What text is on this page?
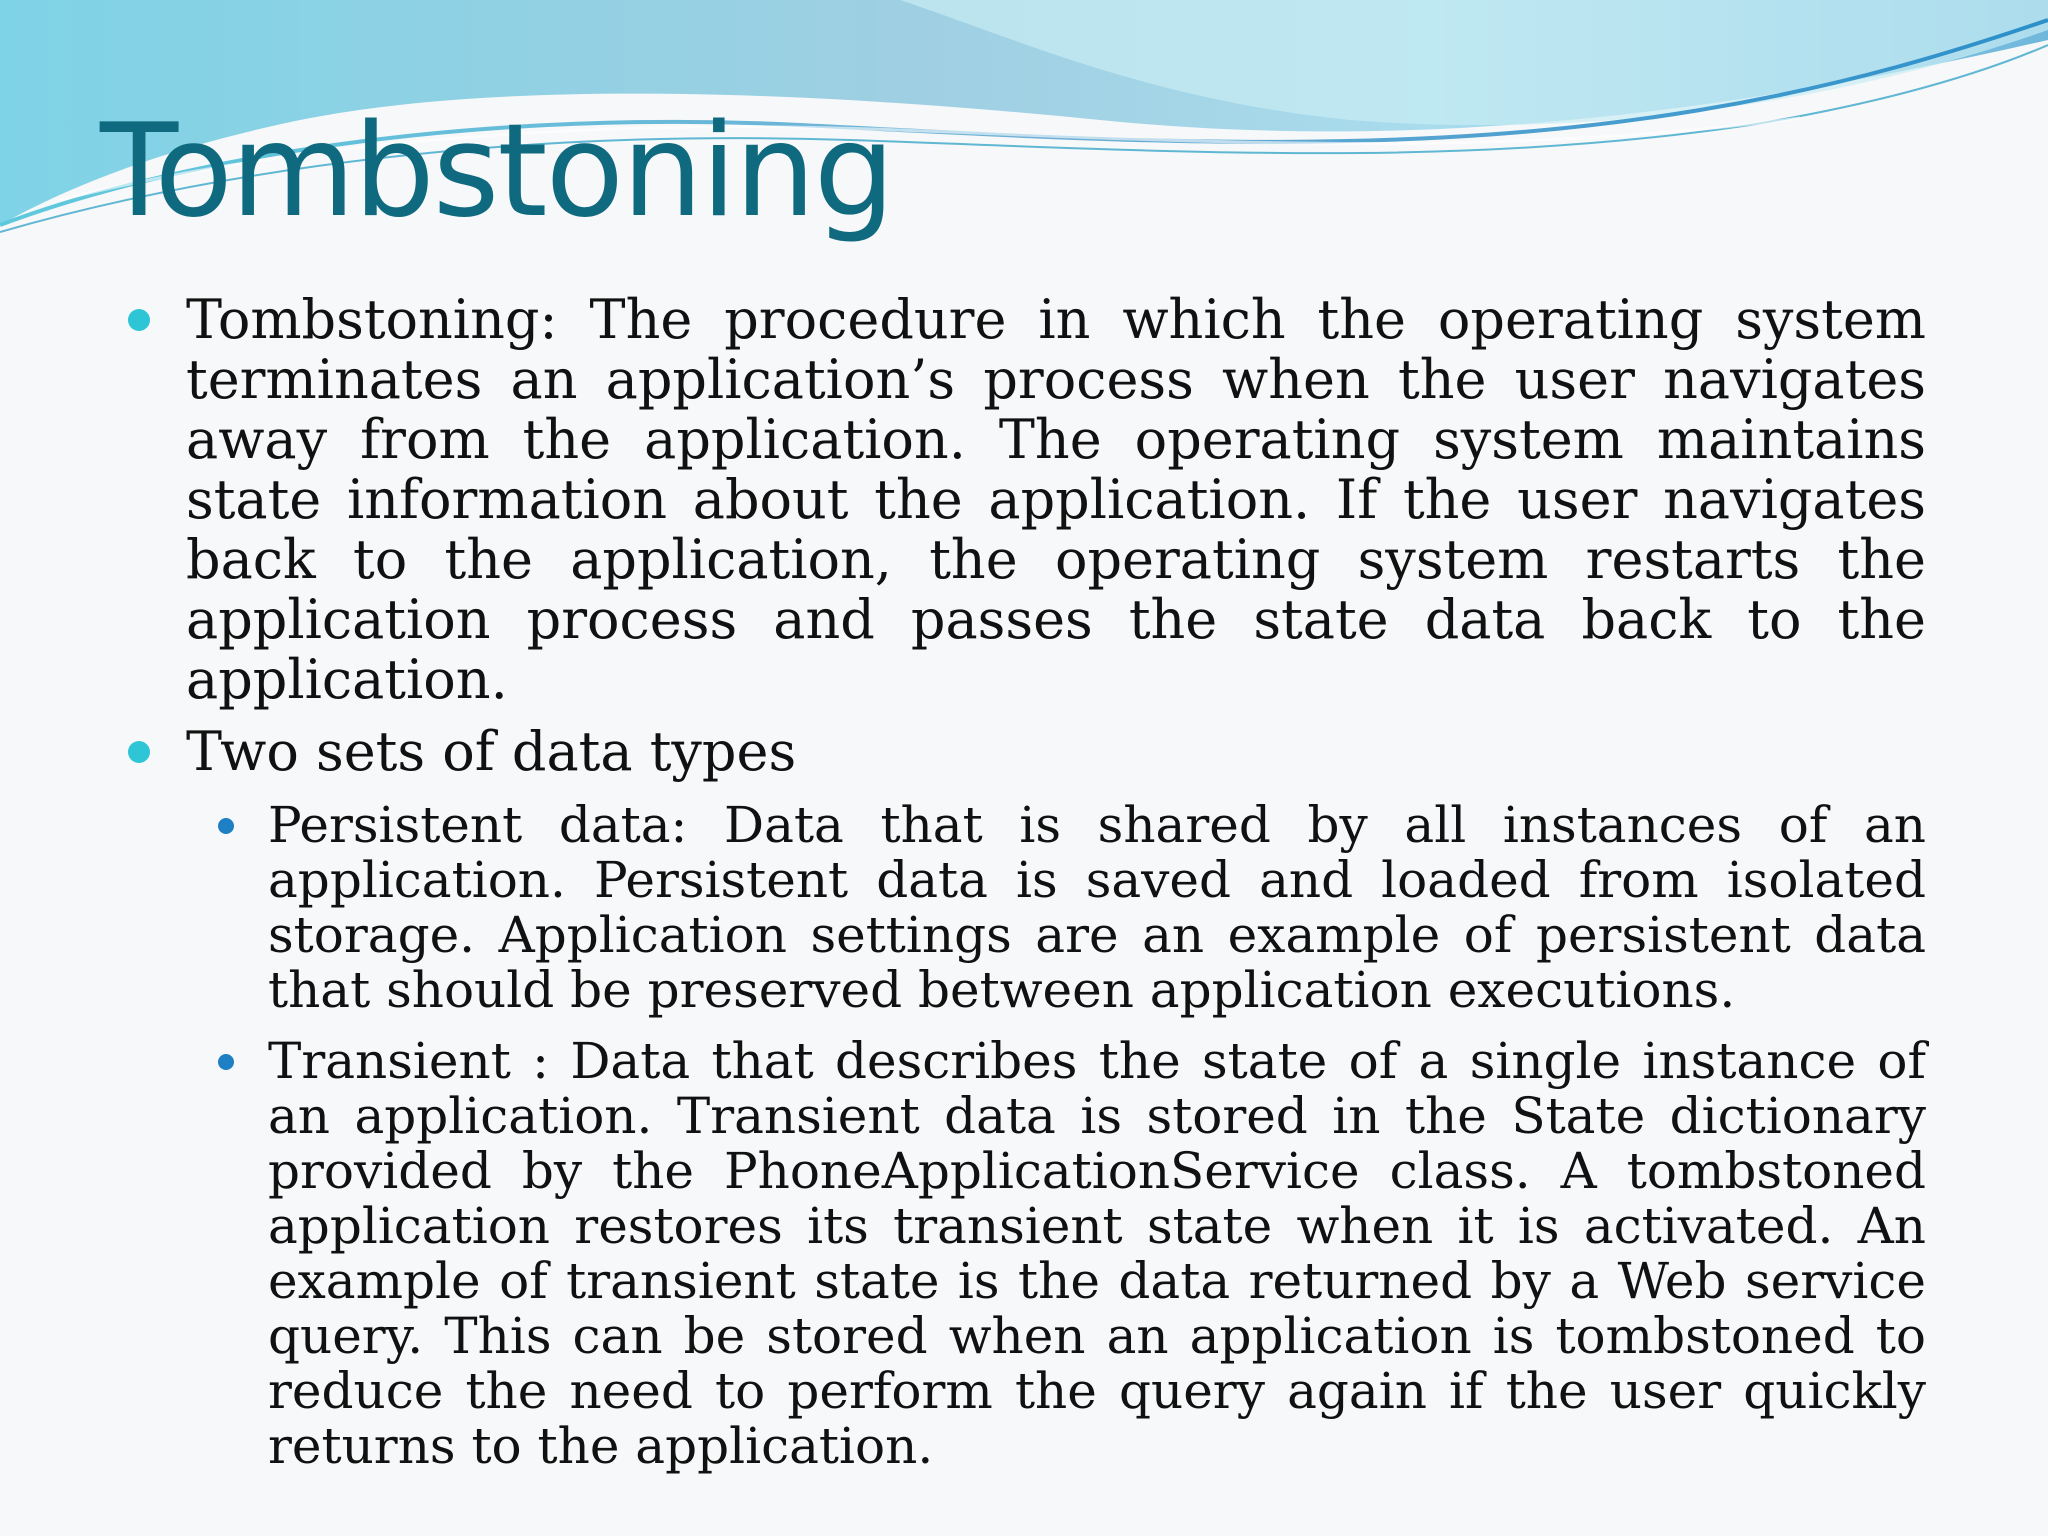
Tombstoning
Tombstoning: The procedure in which the operating system terminates an application’s process when the user navigates away from the application. The operating system maintains state information about the application. If the user navigates back to the application, the operating system restarts the application process and passes the state data back to the application.
Two sets of data types
Persistent data: Data that is shared by all instances of an application. Persistent data is saved and loaded from isolated storage. Application settings are an example of persistent data that should be preserved between application executions.
Transient : Data that describes the state of a single instance of an application. Transient data is stored in the State dictionary provided by the PhoneApplicationService class. A tombstoned application restores its transient state when it is activated. An example of transient state is the data returned by a Web service query. This can be stored when an application is tombstoned to reduce the need to perform the query again if the user quickly returns to the application.
